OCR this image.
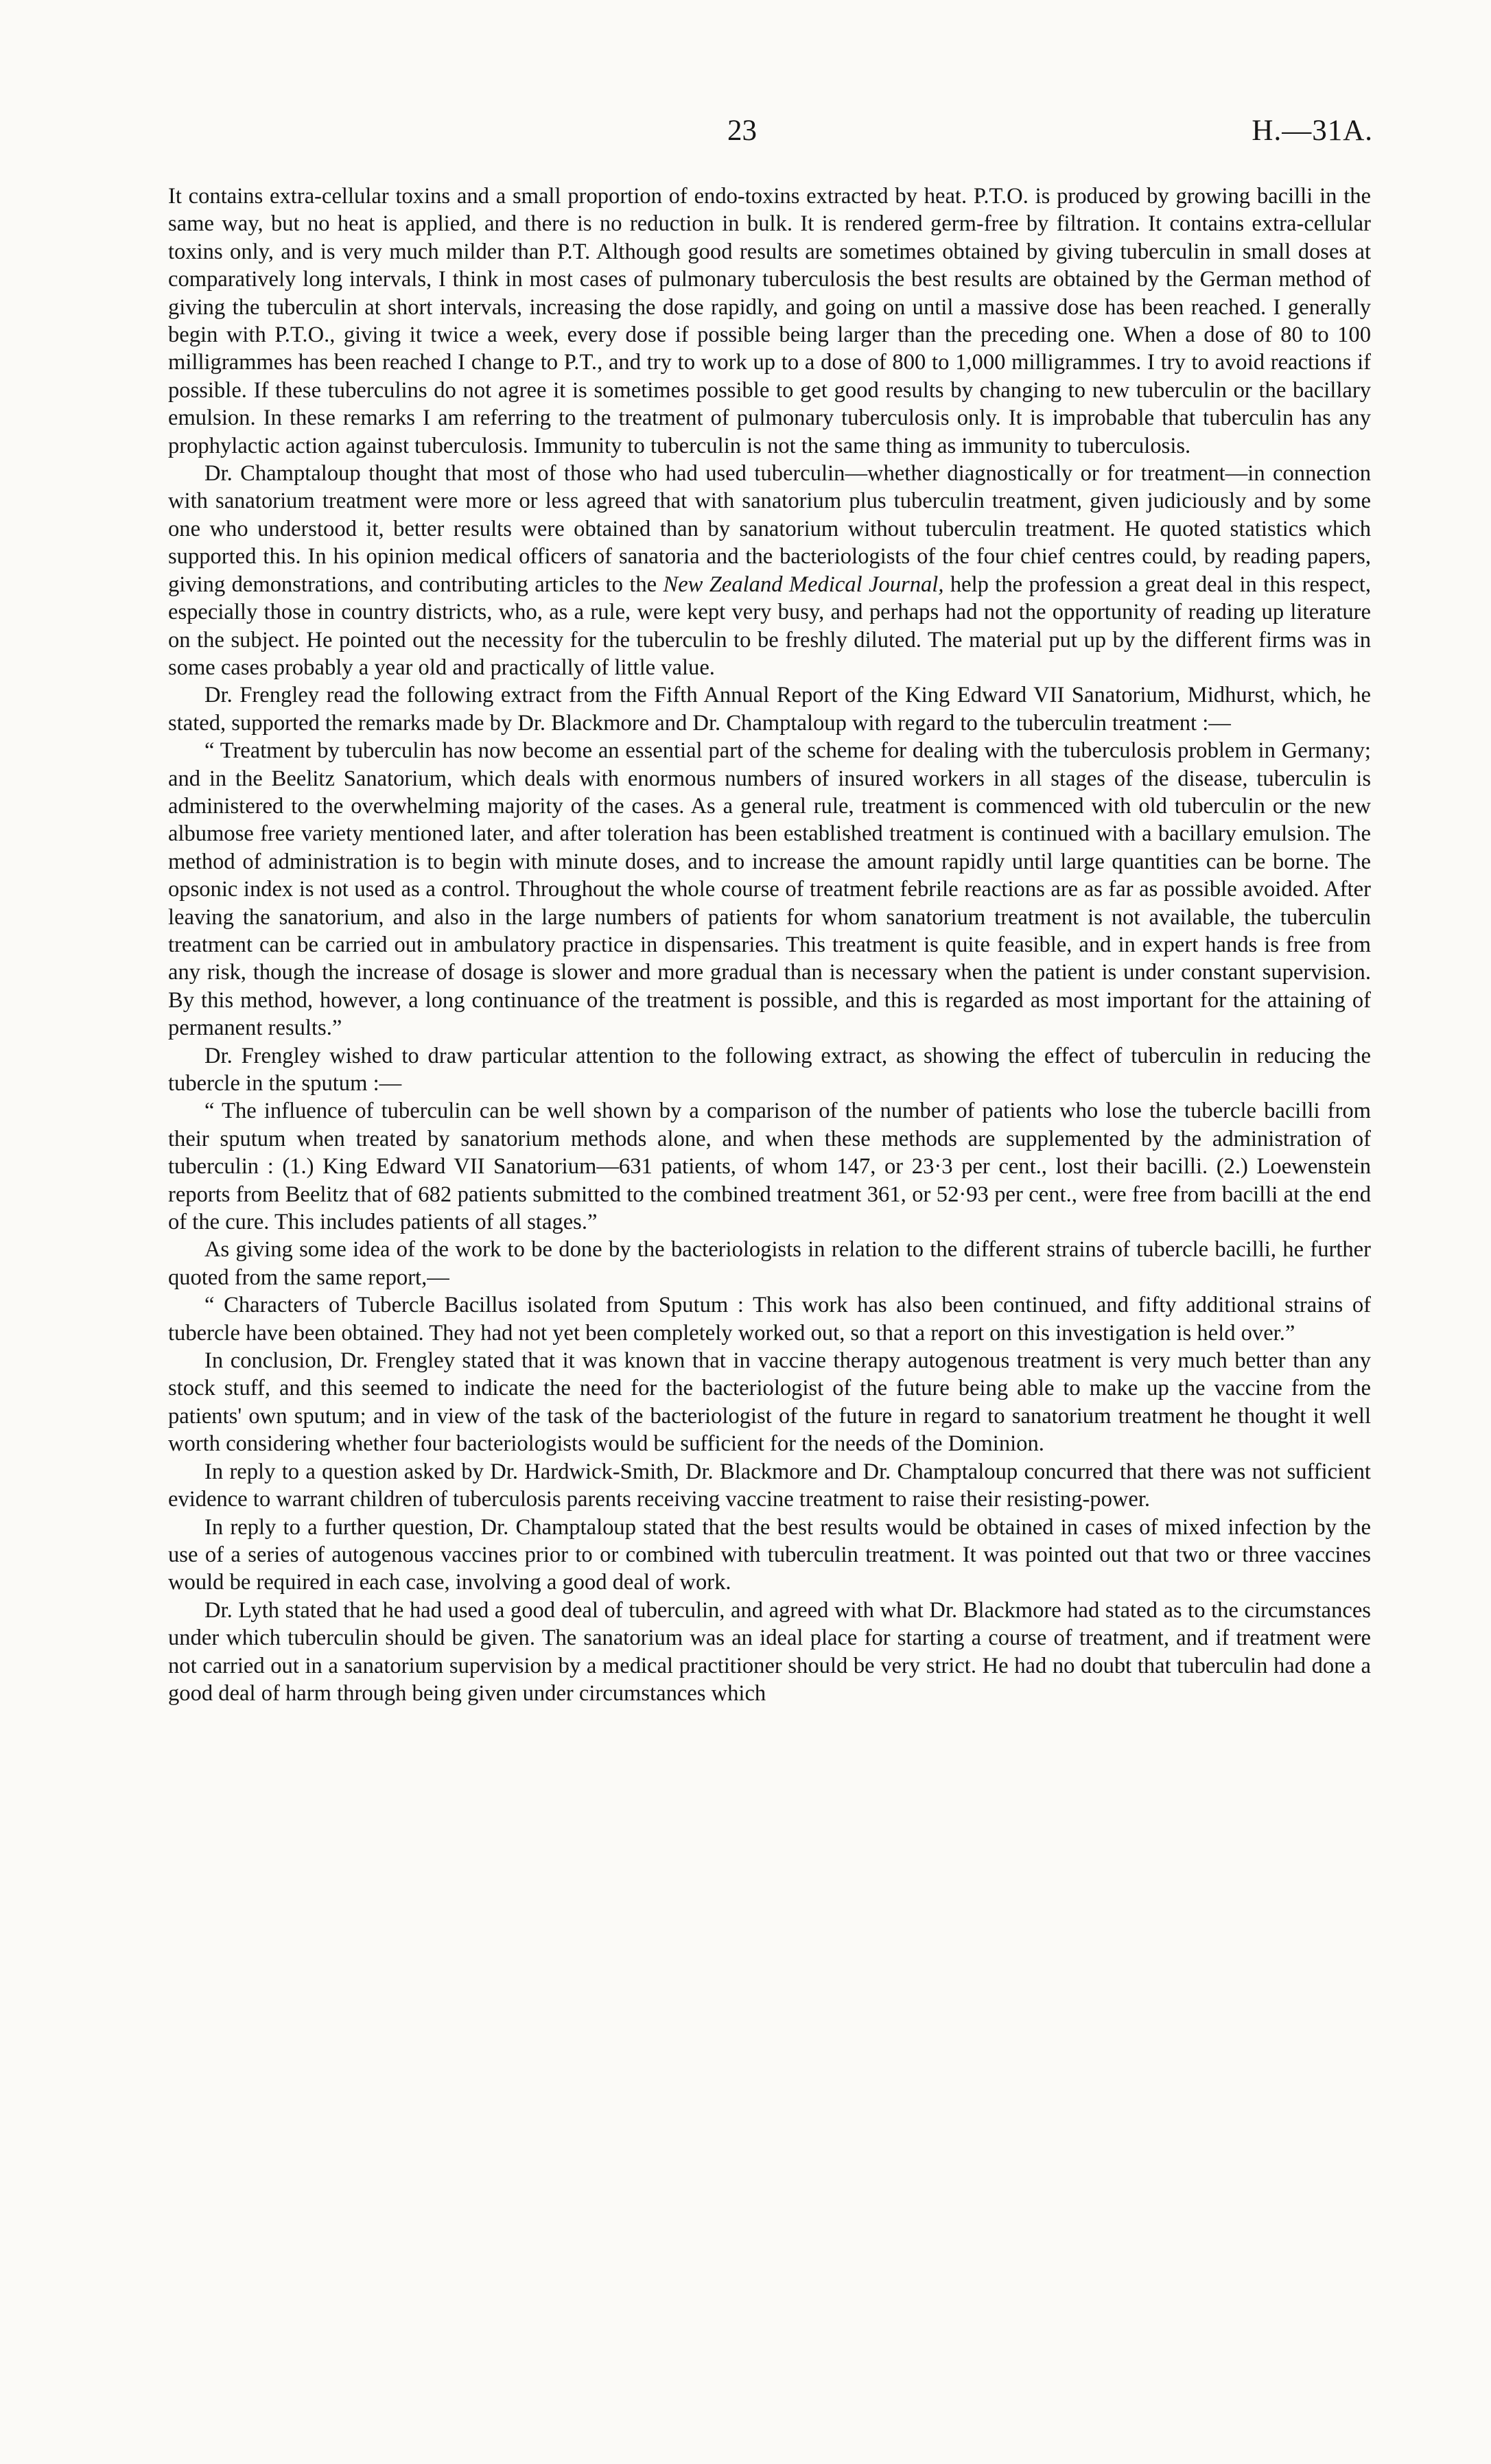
23	H.—31A.

It contains extra-cellular toxins and a small proportion of endo-toxins extracted by heat. P.T.O. is produced by growing bacilli in the same way, but no heat is applied, and there is no reduction in bulk. It is rendered germ-free by filtration. It contains extra-cellular toxins only, and is very much milder than P.T. Although good results are sometimes obtained by giving tuberculin in small doses at comparatively long intervals, I think in most cases of pulmonary tuberculosis the best results are obtained by the German method of giving the tuberculin at short intervals, increasing the dose rapidly, and going on until a massive dose has been reached. I generally begin with P.T.O., giving it twice a week, every dose if possible being larger than the preceding one. When a dose of 80 to 100 milligrammes has been reached I change to P.T., and try to work up to a dose of 800 to 1,000 milligrammes. I try to avoid reactions if possible. If these tuberculins do not agree it is sometimes possible to get good results by changing to new tuberculin or the bacillary emulsion. In these remarks I am referring to the treatment of pulmonary tuberculosis only. It is improbable that tuberculin has any prophylactic action against tuberculosis. Immunity to tuberculin is not the same thing as immunity to tuberculosis.

Dr. Champtaloup thought that most of those who had used tuberculin—whether diagnostically or for treatment—in connection with sanatorium treatment were more or less agreed that with sanatorium plus tuberculin treatment, given judiciously and by some one who understood it, better results were obtained than by sanatorium without tuberculin treatment. He quoted statistics which supported this. In his opinion medical officers of sanatoria and the bacteriologists of the four chief centres could, by reading papers, giving demonstrations, and contributing articles to the New Zealand Medical Journal, help the profession a great deal in this respect, especially those in country districts, who, as a rule, were kept very busy, and perhaps had not the opportunity of reading up literature on the subject. He pointed out the necessity for the tuberculin to be freshly diluted. The material put up by the different firms was in some cases probably a year old and practically of little value.

Dr. Frengley read the following extract from the Fifth Annual Report of the King Edward VII Sanatorium, Midhurst, which, he stated, supported the remarks made by Dr. Blackmore and Dr. Champtaloup with regard to the tuberculin treatment :—

“ Treatment by tuberculin has now become an essential part of the scheme for dealing with the tuberculosis problem in Germany; and in the Beelitz Sanatorium, which deals with enormous numbers of insured workers in all stages of the disease, tuberculin is administered to the overwhelming majority of the cases. As a general rule, treatment is commenced with old tuberculin or the new albumose free variety mentioned later, and after toleration has been established treatment is continued with a bacillary emulsion. The method of administration is to begin with minute doses, and to increase the amount rapidly until large quantities can be borne. The opsonic index is not used as a control. Throughout the whole course of treatment febrile reactions are as far as possible avoided. After leaving the sanatorium, and also in the large numbers of patients for whom sanatorium treatment is not available, the tuberculin treatment can be carried out in ambulatory practice in dispensaries. This treatment is quite feasible, and in expert hands is free from any risk, though the increase of dosage is slower and more gradual than is necessary when the patient is under constant supervision. By this method, however, a long continuance of the treatment is possible, and this is regarded as most important for the attaining of permanent results.”

Dr. Frengley wished to draw particular attention to the following extract, as showing the effect of tuberculin in reducing the tubercle in the sputum :—

“ The influence of tuberculin can be well shown by a comparison of the number of patients who lose the tubercle bacilli from their sputum when treated by sanatorium methods alone, and when these methods are supplemented by the administration of tuberculin : (1.) King Edward VII Sanatorium—631 patients, of whom 147, or 23·3 per cent., lost their bacilli. (2.) Loewenstein reports from Beelitz that of 682 patients submitted to the combined treatment 361, or 52·93 per cent., were free from bacilli at the end of the cure. This includes patients of all stages.”

As giving some idea of the work to be done by the bacteriologists in relation to the different strains of tubercle bacilli, he further quoted from the same report,—

“ Characters of Tubercle Bacillus isolated from Sputum : This work has also been continued, and fifty additional strains of tubercle have been obtained. They had not yet been completely worked out, so that a report on this investigation is held over.”

In conclusion, Dr. Frengley stated that it was known that in vaccine therapy autogenous treatment is very much better than any stock stuff, and this seemed to indicate the need for the bacteriologist of the future being able to make up the vaccine from the patients' own sputum; and in view of the task of the bacteriologist of the future in regard to sanatorium treatment he thought it well worth considering whether four bacteriologists would be sufficient for the needs of the Dominion.

In reply to a question asked by Dr. Hardwick-Smith, Dr. Blackmore and Dr. Champtaloup concurred that there was not sufficient evidence to warrant children of tuberculosis parents receiving vaccine treatment to raise their resisting-power.

In reply to a further question, Dr. Champtaloup stated that the best results would be obtained in cases of mixed infection by the use of a series of autogenous vaccines prior to or combined with tuberculin treatment. It was pointed out that two or three vaccines would be required in each case, involving a good deal of work.

Dr. Lyth stated that he had used a good deal of tuberculin, and agreed with what Dr. Blackmore had stated as to the circumstances under which tuberculin should be given. The sanatorium was an ideal place for starting a course of treatment, and if treatment were not carried out in a sanatorium supervision by a medical practitioner should be very strict. He had no doubt that tuberculin had done a good deal of harm through being given under circumstances which
